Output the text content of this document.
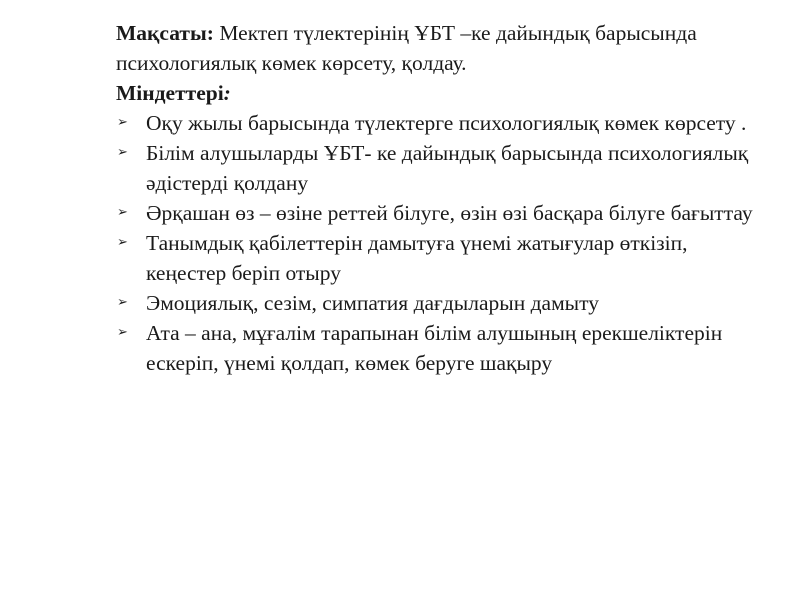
Мақсаты: Мектеп түлектерінің ҰБТ –ке дайындық барысында психологиялық көмек көрсету, қолдау.

Міндеттері:

➢ Оқу жылы барысында түлектерге психологиялық көмек көрсету .
➢ Білім алушыларды ҰБТ- ке дайындық барысында психологиялық әдістерді қолдану
➢ Әрқашан өз – өзіне реттей білуге, өзін өзі басқара білуге бағыттау
➢ Танымдық қабілеттерін дамытуға үнемі жатығулар өткізіп, кеңестер беріп отыру
➢ Эмоциялық, сезім, симпатия дағдыларын дамыту
➢ Ата – ана, мұғалім тарапынан білім алушының ерекшеліктерін ескеріп, үнемі қолдап, көмек беруге шақыру
